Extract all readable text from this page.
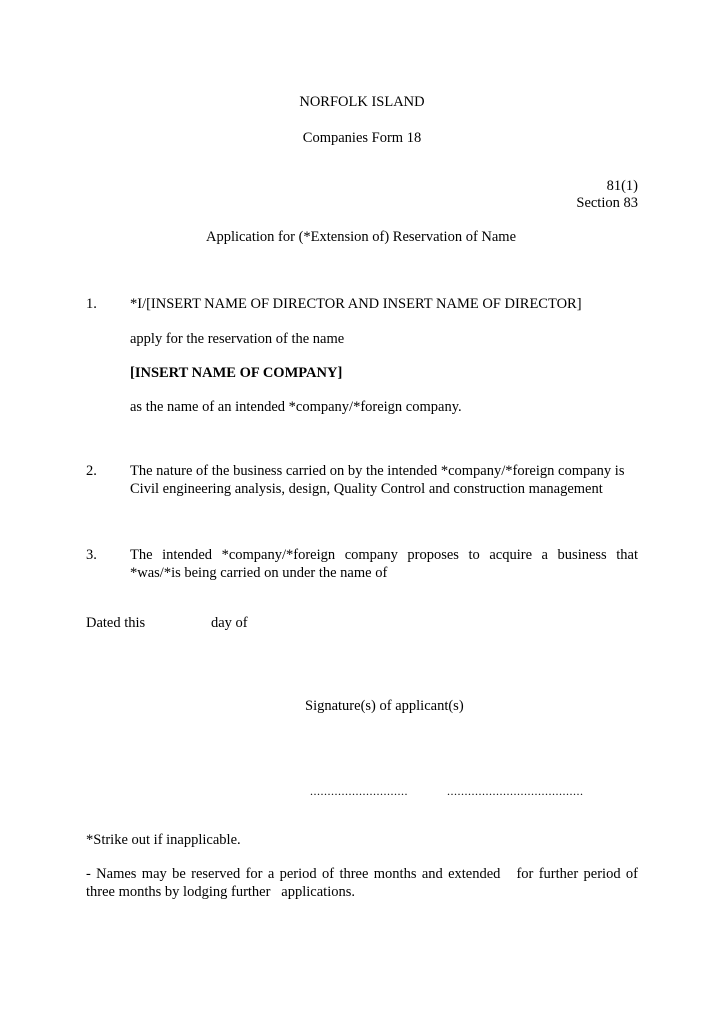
NORFOLK ISLAND
Companies Form 18
81(1)
Section 83
Application for (*Extension of) Reservation of Name
1. *I/[INSERT NAME OF DIRECTOR AND INSERT NAME OF DIRECTOR]
apply for the reservation of the name
[INSERT NAME OF COMPANY]
as the name of an intended *company/*foreign company.
2. The nature of the business carried on by the intended *company/*foreign company is
Civil engineering analysis, design, Quality Control and construction management
3. The intended *company/*foreign company proposes to acquire a business that
*was/*is being carried on under the name of
Dated this	day of
Signature(s) of applicant(s)
............................	.......................................
*Strike out if inapplicable.
- Names may be reserved for a period of three months and extended   for further period of
three months by lodging further   applications.
